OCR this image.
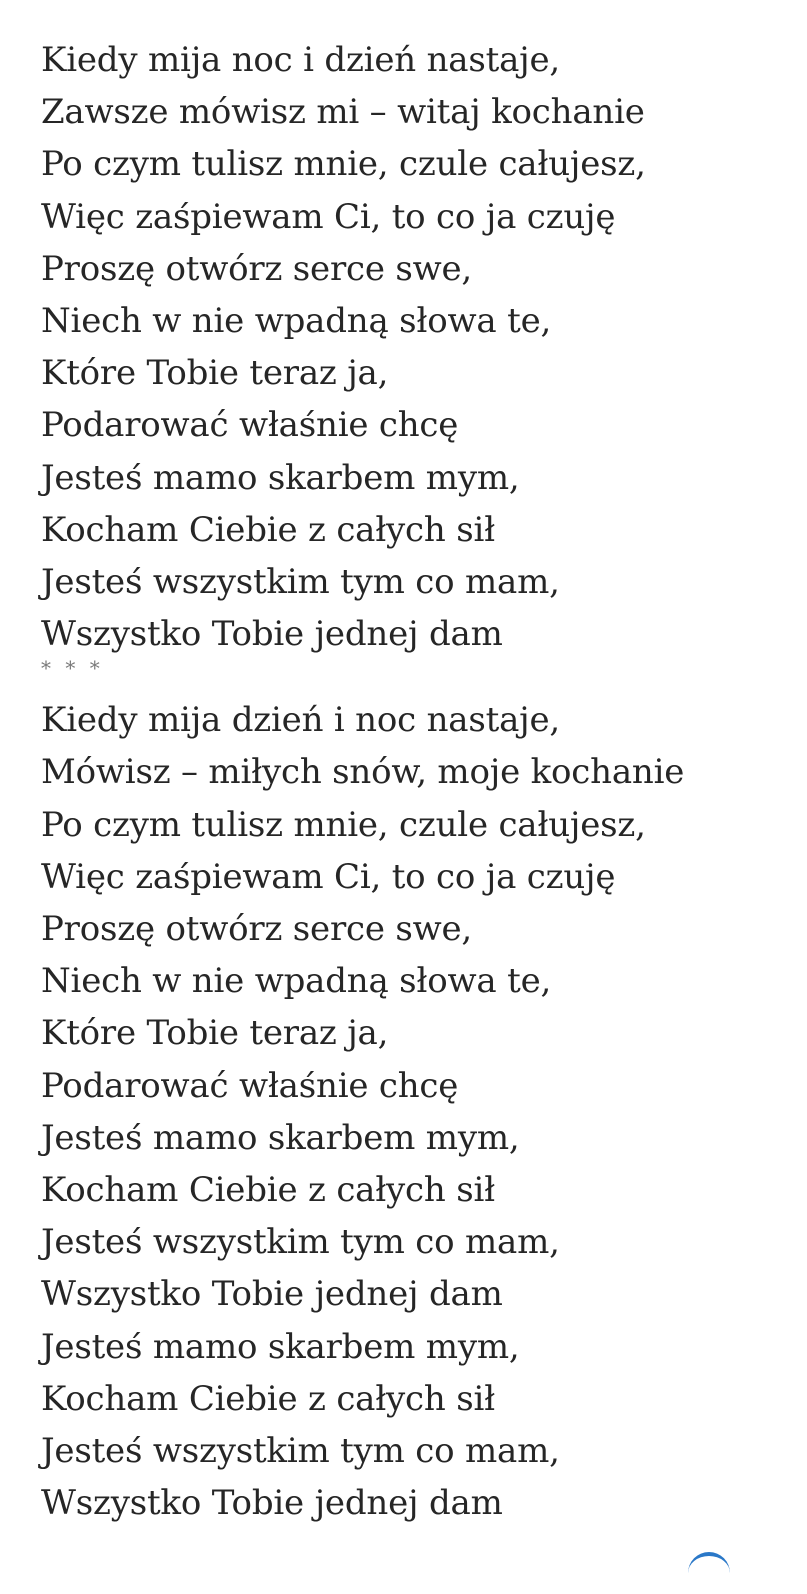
Kiedy mija noc i dzień nastaje,
Zawsze mówisz mi – witaj kochanie
Po czym tulisz mnie, czule całujesz,
Więc zaśpiewam Ci, to co ja czuję
Proszę otwórz serce swe,
Niech w nie wpadną słowa te,
Które Tobie teraz ja,
Podarować właśnie chcę
Jesteś mamo skarbem mym,
Kocham Ciebie z całych sił
Jesteś wszystkim tym co mam,
Wszystko Tobie jednej dam
* * *
Kiedy mija dzień i noc nastaje,
Mówisz – miłych snów, moje kochanie
Po czym tulisz mnie, czule całujesz,
Więc zaśpiewam Ci, to co ja czuję
Proszę otwórz serce swe,
Niech w nie wpadną słowa te,
Które Tobie teraz ja,
Podarować właśnie chcę
Jesteś mamo skarbem mym,
Kocham Ciebie z całych sił
Jesteś wszystkim tym co mam,
Wszystko Tobie jednej dam
Jesteś mamo skarbem mym,
Kocham Ciebie z całych sił
Jesteś wszystkim tym co mam,
Wszystko Tobie jednej dam
